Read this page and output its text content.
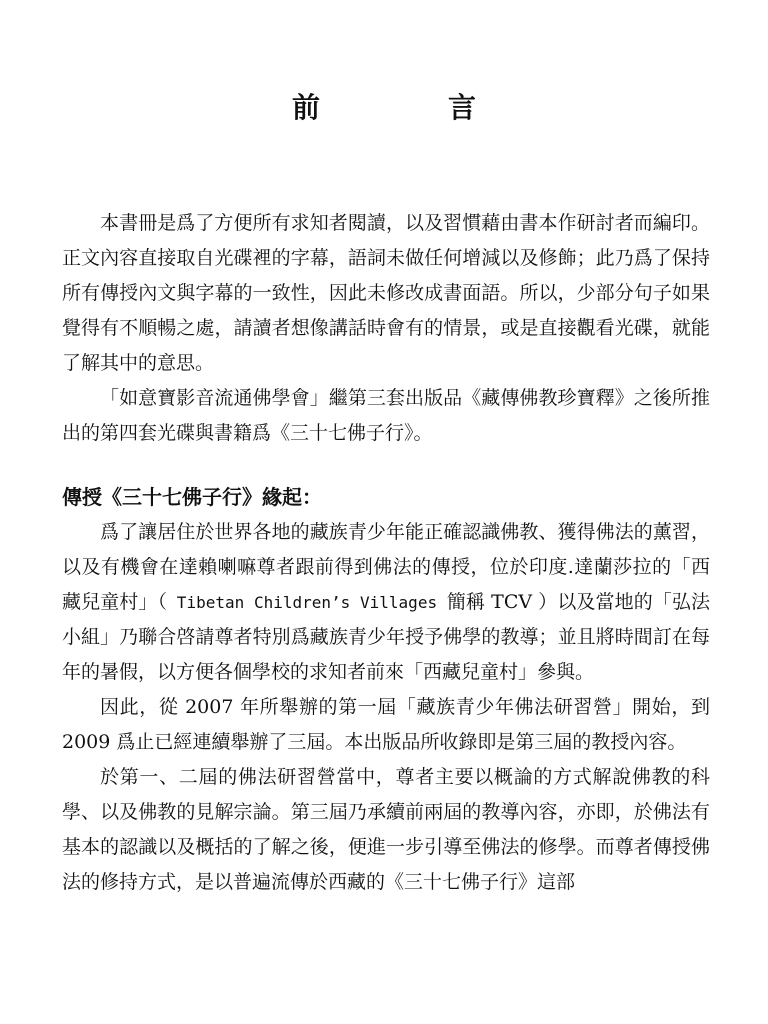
前　言

本書冊是爲了方便所有求知者閱讀，以及習慣藉由書本作研討者而編印。正文內容直接取自光碟裡的字幕，語詞未做任何增減以及修飾；此乃爲了保持所有傳授內文與字幕的一致性，因此未修改成書面語。所以，少部分句子如果覺得有不順暢之處，請讀者想像講話時會有的情景，或是直接觀看光碟，就能了解其中的意思。

「如意寶影音流通佛學會」繼第三套出版品《藏傳佛教珍寶釋》之後所推出的第四套光碟與書籍爲《三十七佛子行》。

傳授《三十七佛子行》緣起：

爲了讓居住於世界各地的藏族青少年能正確認識佛教、獲得佛法的薰習，以及有機會在達賴喇嘛尊者跟前得到佛法的傳授，位於印度.達蘭莎拉的「西藏兒童村」（ Tibetan Children’s Villages 簡稱 TCV ）以及當地的「弘法小組」乃聯合啓請尊者特別爲藏族青少年授予佛學的教導；並且將時間訂在每年的暑假，以方便各個學校的求知者前來「西藏兒童村」參與。

因此，從 2007 年所舉辦的第一屆「藏族青少年佛法研習營」開始，到 2009 爲止已經連續舉辦了三屆。本出版品所收錄即是第三屆的教授內容。

於第一、二屆的佛法研習營當中，尊者主要以概論的方式解說佛教的科學、以及佛教的見解宗論。第三屆乃承續前兩屆的教導內容，亦即，於佛法有基本的認識以及概括的了解之後，便進一步引導至佛法的修學。而尊者傳授佛法的修持方式，是以普遍流傳於西藏的《三十七佛子行》這部
